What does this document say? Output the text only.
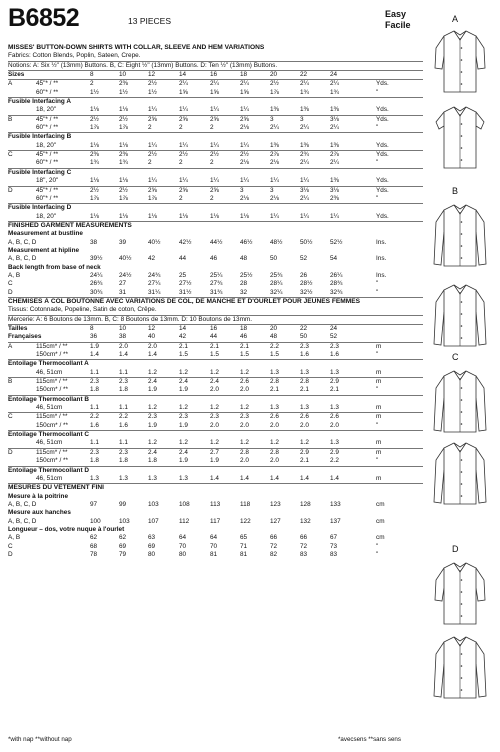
B6852	13 PIECES
Easy
Facile
MISSES' BUTTON-DOWN SHIRTS WITH COLLAR, SLEEVE AND HEM VARIATIONS
Fabrics: Cotton Blends, Poplin, Sateen, Crepe.
Notions: A: Six ½" (13mm) Buttons. B, C: Eight ½" (13mm) Buttons. D: Ten ½" (13mm) Buttons.
Sizes	8	10	12	14	16	18	20	22	24
A	45"* / **	2	2⅜	2½	2¼	2¼	2¼	2½	2¼	2¼	Yds.
60"* / **	1½	1½	1½	1⅝	1⅝	1⅝	1⅞	1¾	1¾	"
Fusible Interfacing A
18, 20"	1⅛	1⅛	1¼	1¼	1¼	1¼	1⅜	1⅜	1⅜	Yds.
B	45"* / **	2½	2½	2⅝	2⅝	2⅝	2⅝	3	3	3⅛	Yds.
60"* / **	1⅞	1⅞	2	2	2	2⅛	2¼	2¼	2¼	"
Fusible Interfacing B
18, 20"	1⅛	1⅛	1¼	1¼	1¼	1¼	1⅜	1⅜	1⅜	Yds.
C	45"* / **	2⅜	2⅜	2½	2½	2½	2½	2⅞	2¾	2⅞	Yds.
60"* / **	1¾	1¾	2	2	2	2⅛	2⅛	2¼	2¼	"
Fusible Interfacing C
18", 20"	1⅛	1⅛	1¼	1¼	1¼	1¼	1¼	1¼	1⅜	Yds.
D	45"* / **	2½	2½	2⅝	2⅝	2⅝	3	3	3⅛	3⅛	Yds.
60"* / **	1⅞	1⅞	1⅞	2	2	2⅛	2⅛	2¼	2⅜	"
Fusible Interfacing D
18, 20"	1⅛	1⅛	1⅛	1⅛	1⅛	1⅛	1¼	1¼	1¼	Yds.
FINISHED GARMENT MEASUREMENTS
Measurement at bustline
A, B, C, D	38	39	40½	42½	44½	46½	48½	50½	52½	Ins.
Measurement at hipline
A, B, C, D	39½	40½	42	44	46	48	50	52	54	Ins.
Back length from base of neck
A, B	24¼	24½	24¾	25	25¼	25½	25¾	26	26¼	Ins.
C	26¾	27	27¼	27½	27¾	28	28¼	28½	28¾	"
D	30¾	31	31¼	31½	31¾	32	32¼	32½	32¾	"
CHEMISES À COL BOUTONNÉ AVEC VARIATIONS DE COL, DE MANCHE ET D'OURLET POUR JEUNES FEMMES
Tissus: Cotonnade, Popeline, Satin de coton, Crêpe.
Mercerie: A: 6 Boutons de 13mm. B, C: 8 Boutons de 13mm. D: 10 Boutons de 13mm.
Tailles	8	10	12	14	16	18	20	22	24
Françaises	36	38	40	42	44	46	48	50	52
A	115cm* / **	1.9	2.0	2.0	2.1	2.1	2.1	2.2	2.3	2.3	m
150cm* / **	1.4	1.4	1.4	1.5	1.5	1.5	1.5	1.6	1.6	"
Entoilage Thermocollant A
46, 51cm	1.1	1.1	1.2	1.2	1.2	1.2	1.3	1.3	1.3	m
B	115cm* / **	2.3	2.3	2.4	2.4	2.4	2.6	2.8	2.8	2.9	m
150cm* / **	1.8	1.8	1.9	1.9	2.0	2.0	2.1	2.1	2.1	"
Entoilage Thermocollant B
46, 51cm	1.1	1.1	1.2	1.2	1.2	1.2	1.3	1.3	1.3	m
C	115cm* / **	2.2	2.2	2.3	2.3	2.3	2.3	2.6	2.6	2.6	m
150cm* / **	1.6	1.6	1.9	1.9	2.0	2.0	2.0	2.0	2.0	"
Entoilage Thermocollant C
46, 51cm	1.1	1.1	1.2	1.2	1.2	1.2	1.2	1.2	1.3	m
D	115cm* / **	2.3	2.3	2.4	2.4	2.7	2.8	2.8	2.9	2.9	m
150cm* / **	1.8	1.8	1.8	1.9	1.9	2.0	2.0	2.1	2.2	"
Entoilage Thermocollant D
46, 51cm	1.3	1.3	1.3	1.3	1.4	1.4	1.4	1.4	1.4	m
MESURES DU VÊTEMENT FINI
Mesure à la poitrine
A, B, C, D	97	99	103	108	113	118	123	128	133	cm
Mesure aux hanches
A, B, C, D	100	103	107	112	117	122	127	132	137	cm
Longueur – dos, votre nuque à l'ourlet
A, B	62	62	63	64	64	65	66	66	67	cm
C	68	69	69	70	70	71	72	72	73	"
D	78	79	80	80	81	81	82	83	83	"
A
B
C
D
*with nap **without nap	*avecsens **sans sens
